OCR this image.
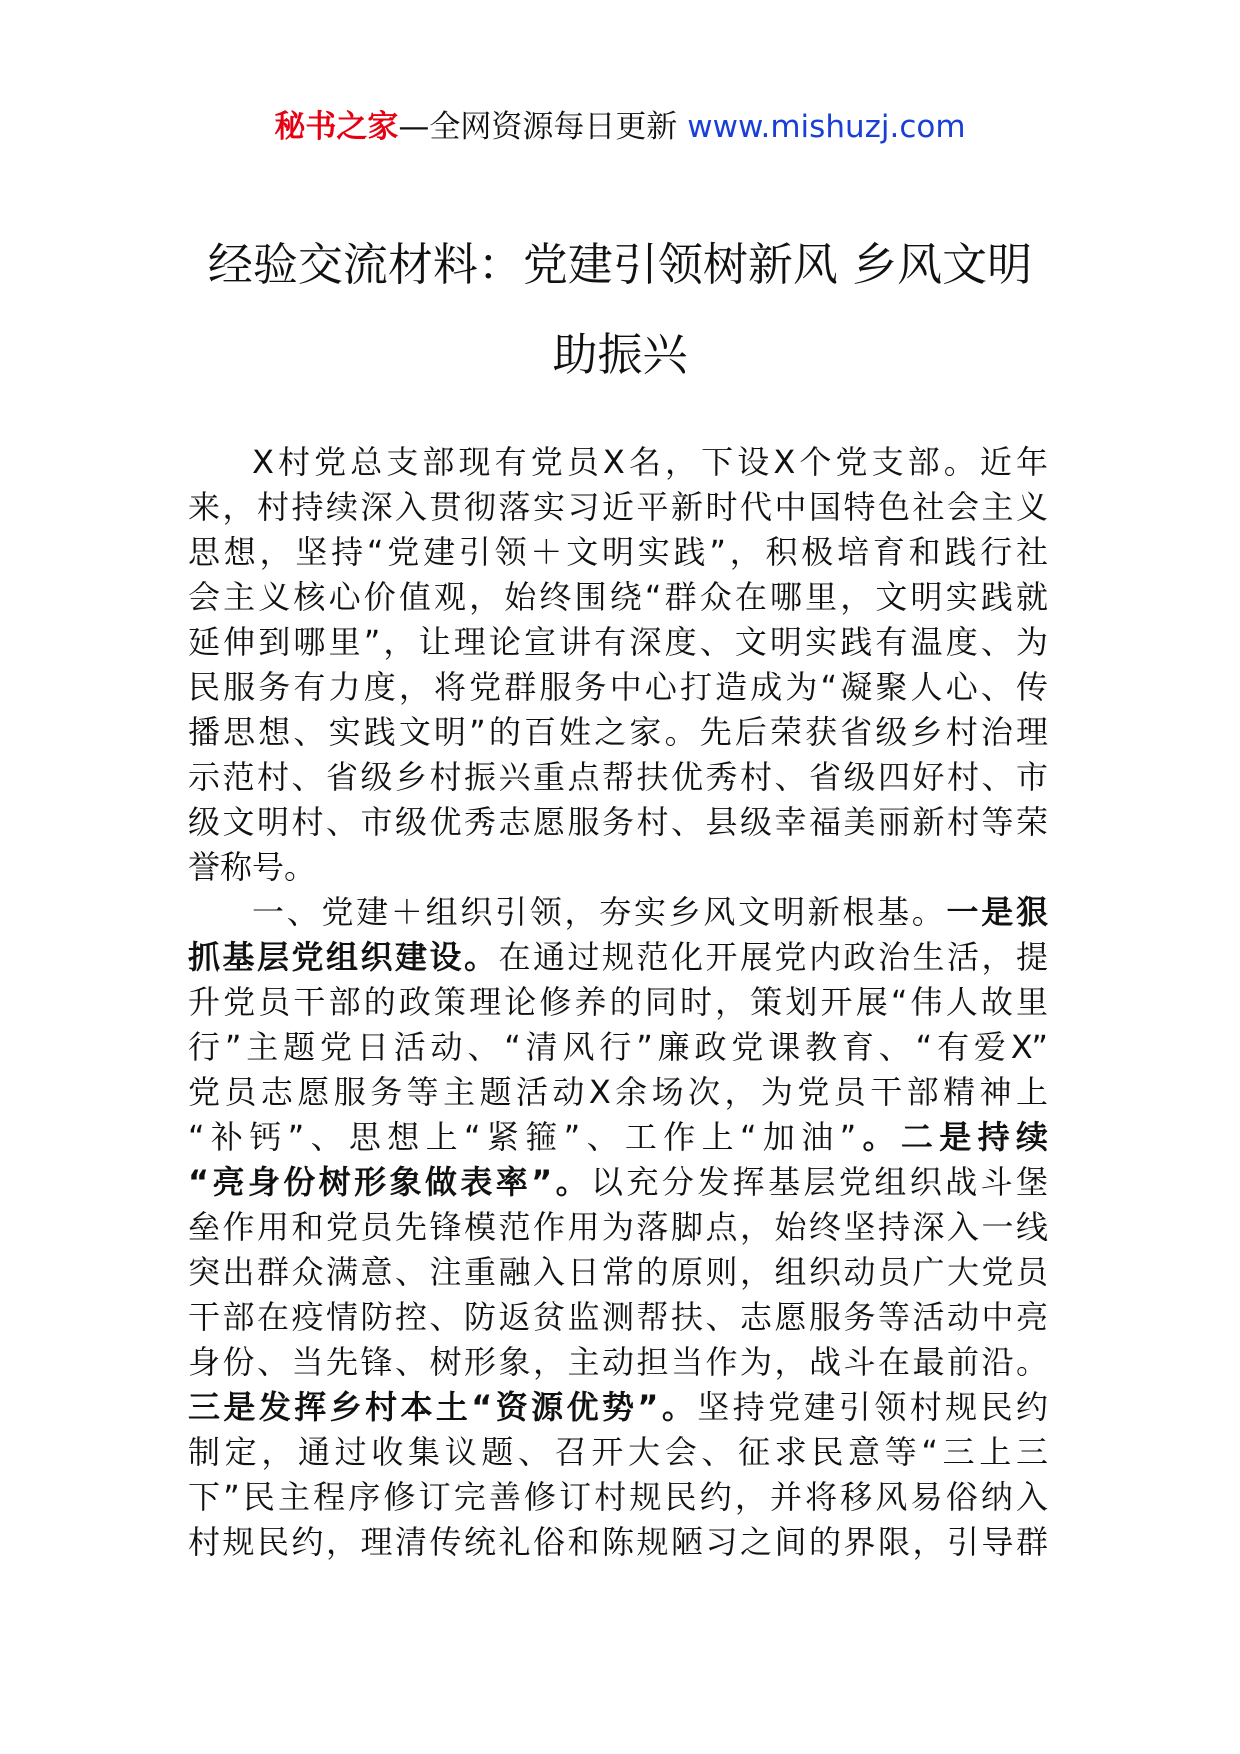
秘书之家—全网资源每日更新 www.mishuzj.com
经验交流材料：党建引领树新风 乡风文明
助振兴
X村党总支部现有党员X名，下设X个党支部。近年
来，村持续深入贯彻落实习近平新时代中国特色社会主义
思想，坚持“党建引领＋文明实践”，积极培育和践行社
会主义核心价值观，始终围绕“群众在哪里，文明实践就
延伸到哪里”，让理论宣讲有深度、文明实践有温度、为
民服务有力度，将党群服务中心打造成为“凝聚人心、传
播思想、实践文明”的百姓之家。先后荣获省级乡村治理
示范村、省级乡村振兴重点帮扶优秀村、省级四好村、市
级文明村、市级优秀志愿服务村、县级幸福美丽新村等荣
誉称号。
一、党建＋组织引领，夯实乡风文明新根基。一是狠
抓基层党组织建设。在通过规范化开展党内政治生活，提
升党员干部的政策理论修养的同时，策划开展“伟人故里
行”主题党日活动、“清风行”廉政党课教育、“有爱X”
党员志愿服务等主题活动X余场次，为党员干部精神上
“补钙”、思想上“紧箍”、工作上“加油”。二是持续
“亮身份树形象做表率”。以充分发挥基层党组织战斗堡
垒作用和党员先锋模范作用为落脚点，始终坚持深入一线
突出群众满意、注重融入日常的原则，组织动员广大党员
干部在疫情防控、防返贫监测帮扶、志愿服务等活动中亮
身份、当先锋、树形象，主动担当作为，战斗在最前沿。
三是发挥乡村本土“资源优势”。坚持党建引领村规民约
制定，通过收集议题、召开大会、征求民意等“三上三
下”民主程序修订完善修订村规民约，并将移风易俗纳入
村规民约，理清传统礼俗和陈规陋习之间的界限，引导群
